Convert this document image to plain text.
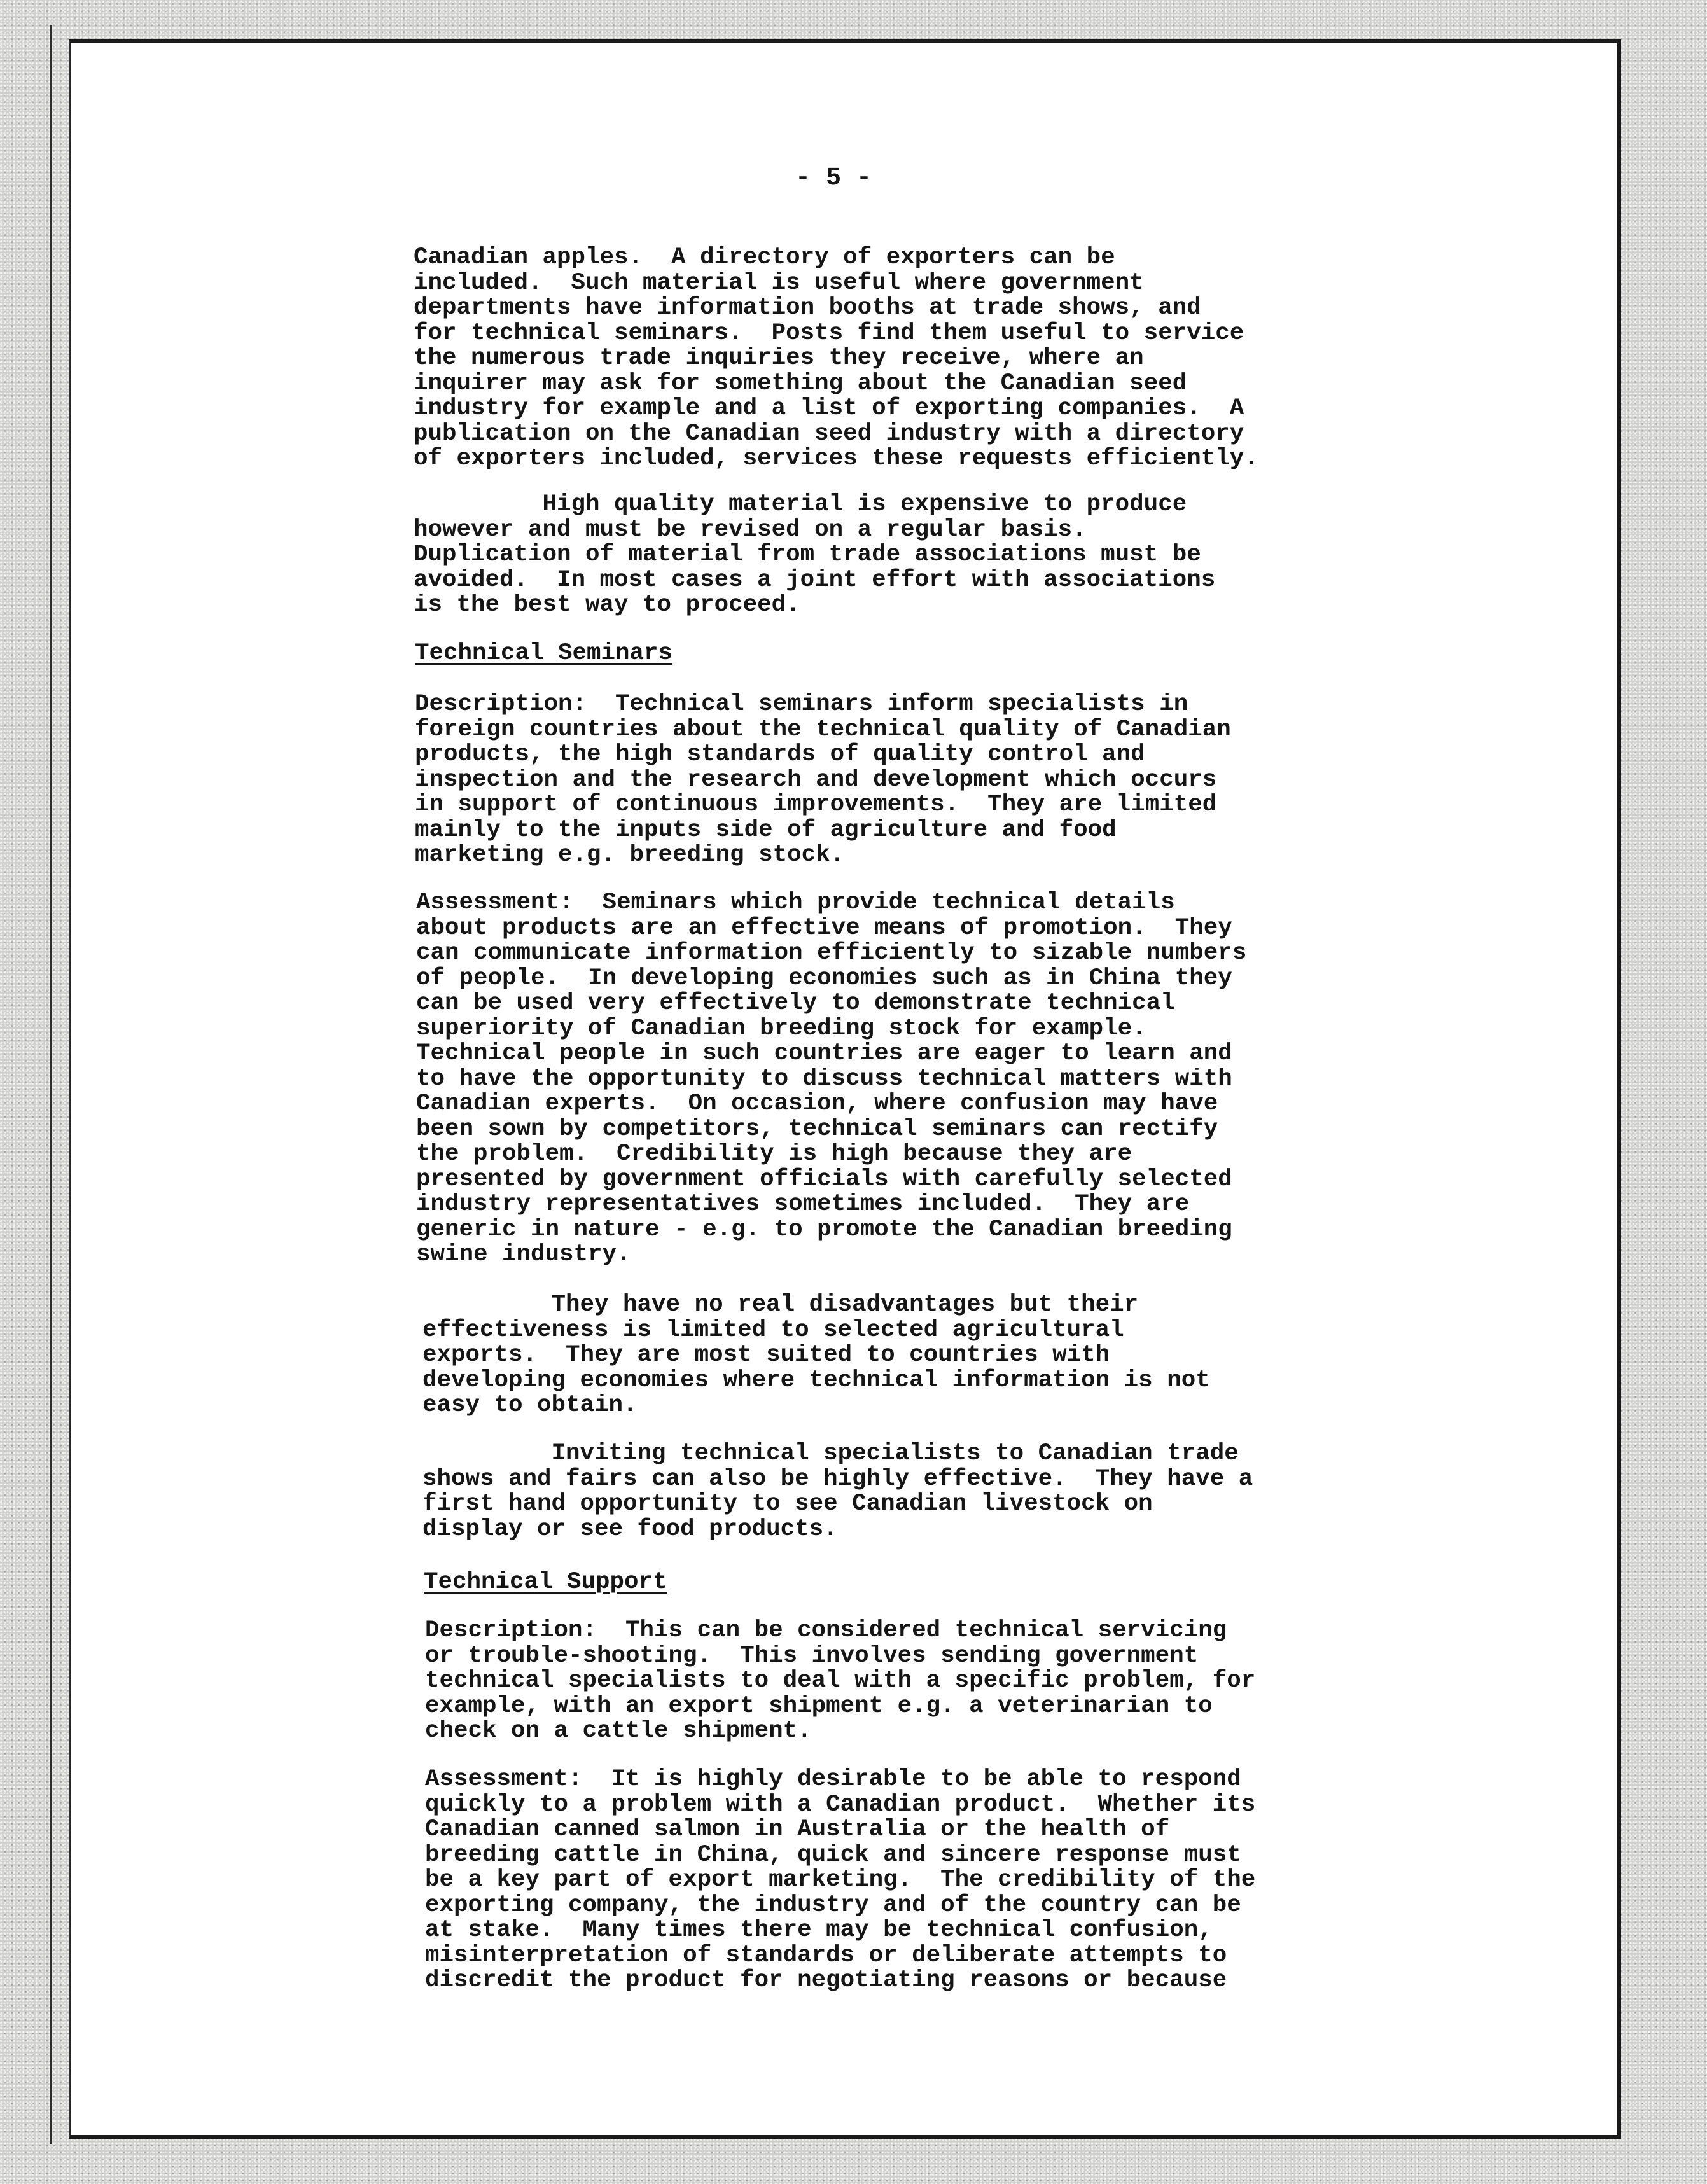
- 5 -
Canadian apples.  A directory of exporters can be
included.  Such material is useful where government
departments have information booths at trade shows, and
for technical seminars.  Posts find them useful to service
the numerous trade inquiries they receive, where an
inquirer may ask for something about the Canadian seed
industry for example and a list of exporting companies.  A
publication on the Canadian seed industry with a directory
of exporters included, services these requests efficiently.
High quality material is expensive to produce
however and must be revised on a regular basis.
Duplication of material from trade associations must be
avoided.  In most cases a joint effort with associations
is the best way to proceed.
Technical Seminars
Description:  Technical seminars inform specialists in
foreign countries about the technical quality of Canadian
products, the high standards of quality control and
inspection and the research and development which occurs
in support of continuous improvements.  They are limited
mainly to the inputs side of agriculture and food
marketing e.g. breeding stock.
Assessment:  Seminars which provide technical details
about products are an effective means of promotion.  They
can communicate information efficiently to sizable numbers
of people.  In developing economies such as in China they
can be used very effectively to demonstrate technical
superiority of Canadian breeding stock for example.
Technical people in such countries are eager to learn and
to have the opportunity to discuss technical matters with
Canadian experts.  On occasion, where confusion may have
been sown by competitors, technical seminars can rectify
the problem.  Credibility is high because they are
presented by government officials with carefully selected
industry representatives sometimes included.  They are
generic in nature - e.g. to promote the Canadian breeding
swine industry.
They have no real disadvantages but their
effectiveness is limited to selected agricultural
exports.  They are most suited to countries with
developing economies where technical information is not
easy to obtain.
Inviting technical specialists to Canadian trade
shows and fairs can also be highly effective.  They have a
first hand opportunity to see Canadian livestock on
display or see food products.
Technical Support
Description:  This can be considered technical servicing
or trouble-shooting.  This involves sending government
technical specialists to deal with a specific problem, for
example, with an export shipment e.g. a veterinarian to
check on a cattle shipment.
Assessment:  It is highly desirable to be able to respond
quickly to a problem with a Canadian product.  Whether its
Canadian canned salmon in Australia or the health of
breeding cattle in China, quick and sincere response must
be a key part of export marketing.  The credibility of the
exporting company, the industry and of the country can be
at stake.  Many times there may be technical confusion,
misinterpretation of standards or deliberate attempts to
discredit the product for negotiating reasons or because
